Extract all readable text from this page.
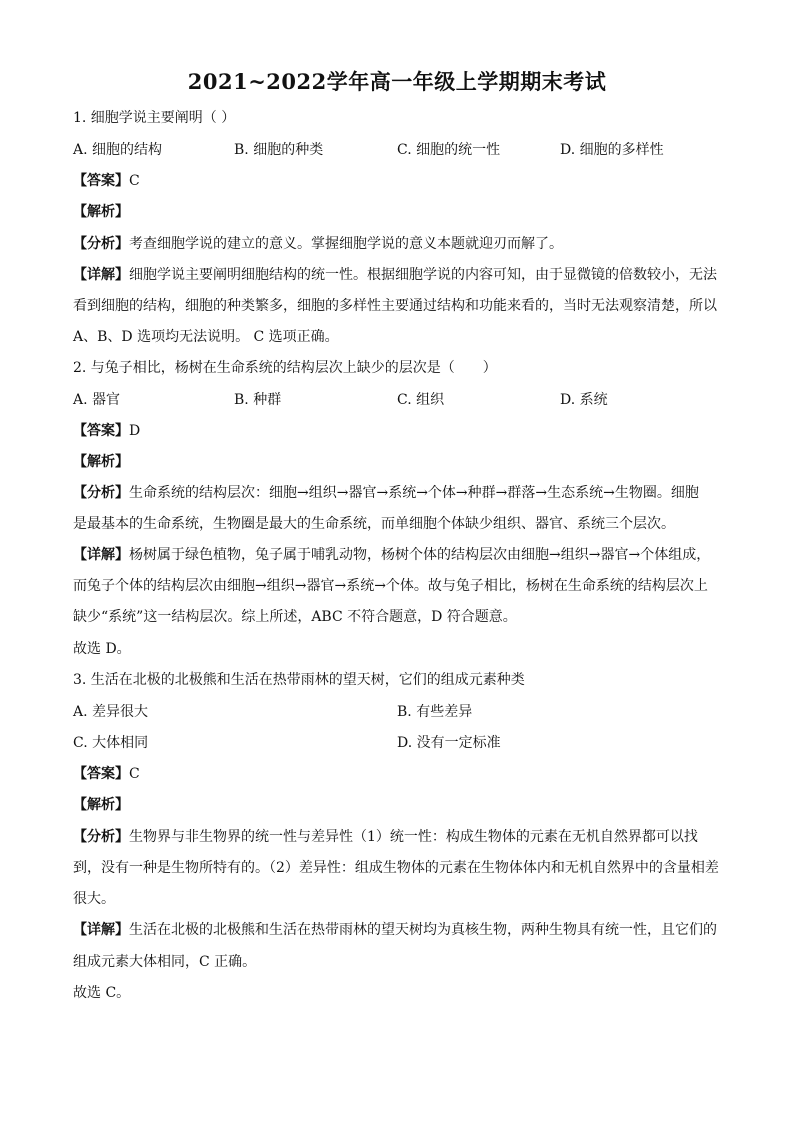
2021~2022学年高一年级上学期期末考试
1. 细胞学说主要阐明（ ）
A. 细胞的结构	B. 细胞的种类	C. 细胞的统一性	D. 细胞的多样性
【答案】C
【解析】
【分析】考查细胞学说的建立的意义。掌握细胞学说的意义本题就迎刃而解了。
【详解】细胞学说主要阐明细胞结构的统一性。根据细胞学说的内容可知，由于显微镜的倍数较小，无法
看到细胞的结构，细胞的种类繁多，细胞的多样性主要通过结构和功能来看的，当时无法观察清楚，所以
A、B、D 选项均无法说明。 C 选项正确。
2. 与兔子相比，杨树在生命系统的结构层次上缺少的层次是（　　）
A. 器官	B. 种群	C. 组织	D. 系统
【答案】D
【解析】
【分析】生命系统的结构层次：细胞→组织→器官→系统→个体→种群→群落→生态系统→生物圈。细胞
是最基本的生命系统，生物圈是最大的生命系统，而单细胞个体缺少组织、器官、系统三个层次。
【详解】杨树属于绿色植物，兔子属于哺乳动物，杨树个体的结构层次由细胞→组织→器官→个体组成，
而兔子个体的结构层次由细胞→组织→器官→系统→个体。故与兔子相比，杨树在生命系统的结构层次上
缺少“系统”这一结构层次。综上所述，ABC 不符合题意，D 符合题意。
故选 D。
3. 生活在北极的北极熊和生活在热带雨林的望天树，它们的组成元素种类
A. 差异很大	B. 有些差异
C. 大体相同	D. 没有一定标准
【答案】C
【解析】
【分析】生物界与非生物界的统一性与差异性（1）统一性：构成生物体的元素在无机自然界都可以找
到，没有一种是生物所特有的。（2）差异性：组成生物体的元素在生物体体内和无机自然界中的含量相差
很大。
【详解】生活在北极的北极熊和生活在热带雨林的望天树均为真核生物，两种生物具有统一性，且它们的
组成元素大体相同，C 正确。
故选 C。
